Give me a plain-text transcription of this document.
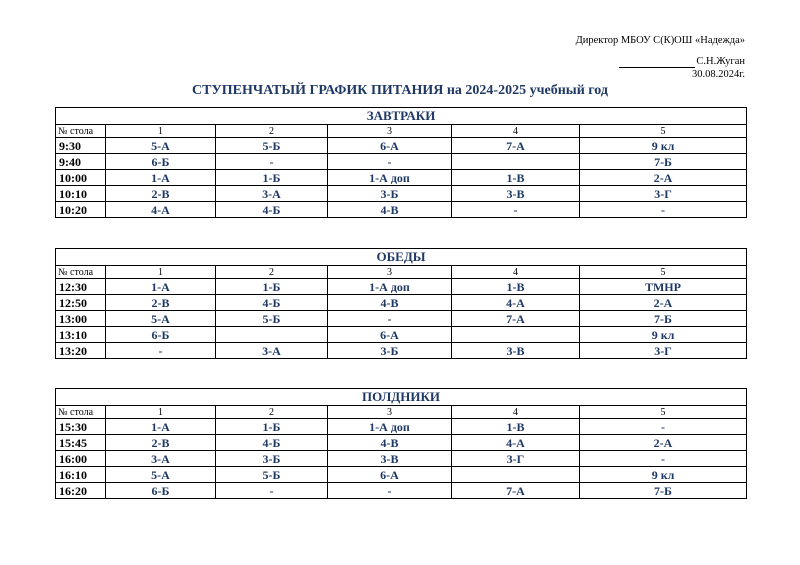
Директор МБОУ С(К)ОШ «Надежда»
С.Н.Жуган
30.08.2024г.
СТУПЕНЧАТЫЙ ГРАФИК ПИТАНИЯ на 2024-2025 учебный год
ЗАВТРАКИ					
№ стола	1	2	3	4	5
9:30	5-А	5-Б	6-А	7-А	9 кл
9:40	6-Б	-	-		7-Б
10:00	1-А	1-Б	1-А доп	1-В	2-А
10:10	2-В	3-А	3-Б	3-В	3-Г
10:20	4-А	4-Б	4-В	-	-
ОБЕДЫ					
№ стола	1	2	3	4	5
12:30	1-А	1-Б	1-А доп	1-В	ТМНР
12:50	2-В	4-Б	4-В	4-А	2-А
13:00	5-А	5-Б	-	7-А	7-Б
13:10	6-Б		6-А		9 кл
13:20	-	3-А	3-Б	3-В	3-Г
ПОЛДНИКИ					
№ стола	1	2	3	4	5
15:30	1-А	1-Б	1-А доп	1-В	-
15:45	2-В	4-Б	4-В	4-А	2-А
16:00	3-А	3-Б	3-В	3-Г	-
16:10	5-А	5-Б	6-А		9 кл
16:20	6-Б	-	-	7-А	7-Б
